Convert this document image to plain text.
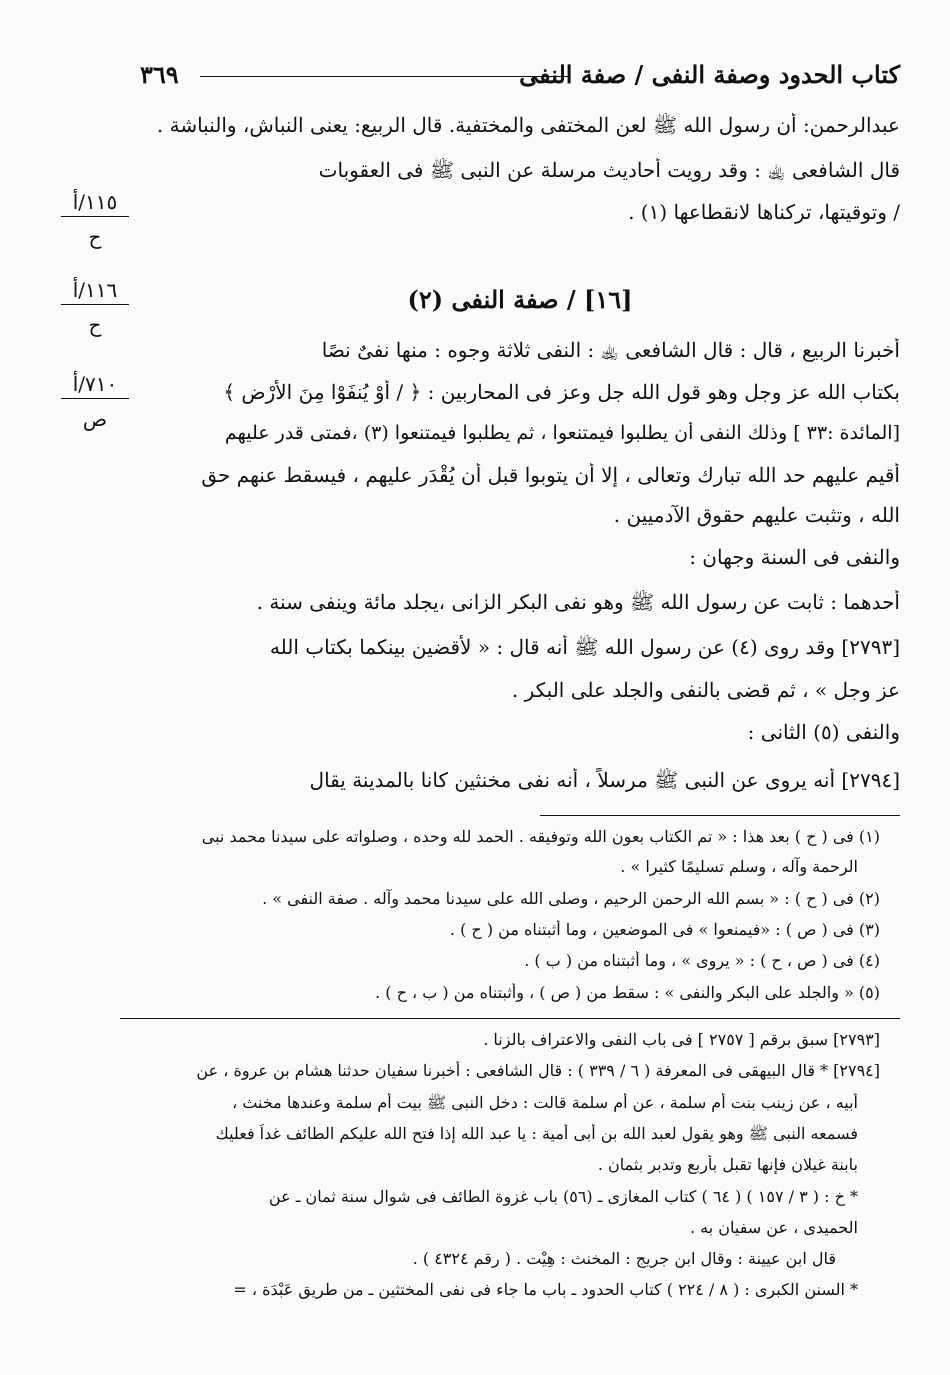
كتاب الحدود وصفة النفى / صفة النفى
٣٦٩
١١٥/أ
ح
١١٦/أ
ح
٧١٠/أ
ص
عبدالرحمن: أن رسول الله ﷺ لعن المختفى والمختفية. قال الربيع: يعنى النباش، والنباشة .
قال الشافعى ﵀ : وقد رويت أحاديث مرسلة عن النبى ﷺ فى العقوبات
/ وتوقيتها، تركناها لانقطاعها (١) .
[١٦] / صفة النفى (٢)
أخبرنا الربيع ، قال : قال الشافعى ﵀ : النفى ثلاثة وجوه : منها نفىٌ نصًا
بكتاب الله عز وجل وهو قول الله جل وعز فى المحاربين : ﴿ / أَوْ يُنفَوْا مِنَ الأَرْضِ ﴾
[المائدة :٣٣ ] وذلك النفى أن يطلبوا فيمتنعوا ، ثم يطلبوا فيمتنعوا (٣) ،فمتى قدر عليهم
أقيم عليهم حد الله تبارك وتعالى ، إلا أن يتوبوا قبل أن يُقْدَر عليهم ، فيسقط عنهم حق
الله ، وتثبت عليهم حقوق الآدميين .
والنفى فى السنة وجهان :
أحدهما : ثابت عن رسول الله ﷺ وهو نفى البكر الزانى ،يجلد مائة وينفى سنة .
[٢٧٩٣] وقد روى (٤) عن رسول الله ﷺ أنه قال : « لأقضين بينكما بكتاب الله
عز وجل » ، ثم قضى بالنفى والجلد على البكر .
والنفى (٥) الثانى :
[٢٧٩٤] أنه يروى عن النبى ﷺ مرسلاً ، أنه نفى مخنثين كانا بالمدينة يقال
(١) فى ( ح ) بعد هذا : « تم الكتاب بعون الله وتوفيقه . الحمد لله وحده ، وصلواته على سيدنا محمد نبى
الرحمة وآله ، وسلم تسليمًا كثيرا » .
(٢) فى ( ح ) : « بسم الله الرحمن الرحيم ، وصلى الله على سيدنا محمد وآله . صفة النفى » .
(٣) فى ( ص ) : «فيمنعوا » فى الموضعين ، وما أثبتناه من ( ح ) .
(٤) فى ( ص ، ح ) : « يروى » ، وما أثبتناه من ( ب ) .
(٥) « والجلد على البكر والنفى » : سقط من ( ص ) ، وأثبتناه من ( ب ، ح ) .
[٢٧٩٣] سبق برقم [ ٢٧٥٧ ] فى باب النفى والاعتراف بالزنا .
[٢٧٩٤] * قال البيهقى فى المعرفة ( ٦ / ٣٣٩ ) : قال الشافعى : أخبرنا سفيان حدثنا هشام بن عروة ، عن
أبيه ، عن زينب بنت أم سلمة ، عن أم سلمة قالت : دخل النبى ﷺ بيت أم سلمة وعندها مخنث ،
فسمعه النبى ﷺ وهو يقول لعبد الله بن أبى أمية : يا عبد الله إذا فتح الله عليكم الطائف غداً فعليك
بابنة غيلان فإنها تقبل بأربع وتدبر بثمان .
* خ : ( ٣ / ١٥٧ ) ( ٦٤ ) كتاب المغازى ـ (٥٦) باب غزوة الطائف فى شوال سنة ثمان ـ عن
الحميدى ، عن سفيان به .
قال ابن عيينة : وقال ابن جريج : المخنث : هِيْت . ( رقم ٤٣٢٤ ) .
* السنن الكبرى : ( ٨ / ٢٢٤ ) كتاب الحدود ـ باب ما جاء فى نفى المختثين ـ من طريق عَبْدَة ، =
